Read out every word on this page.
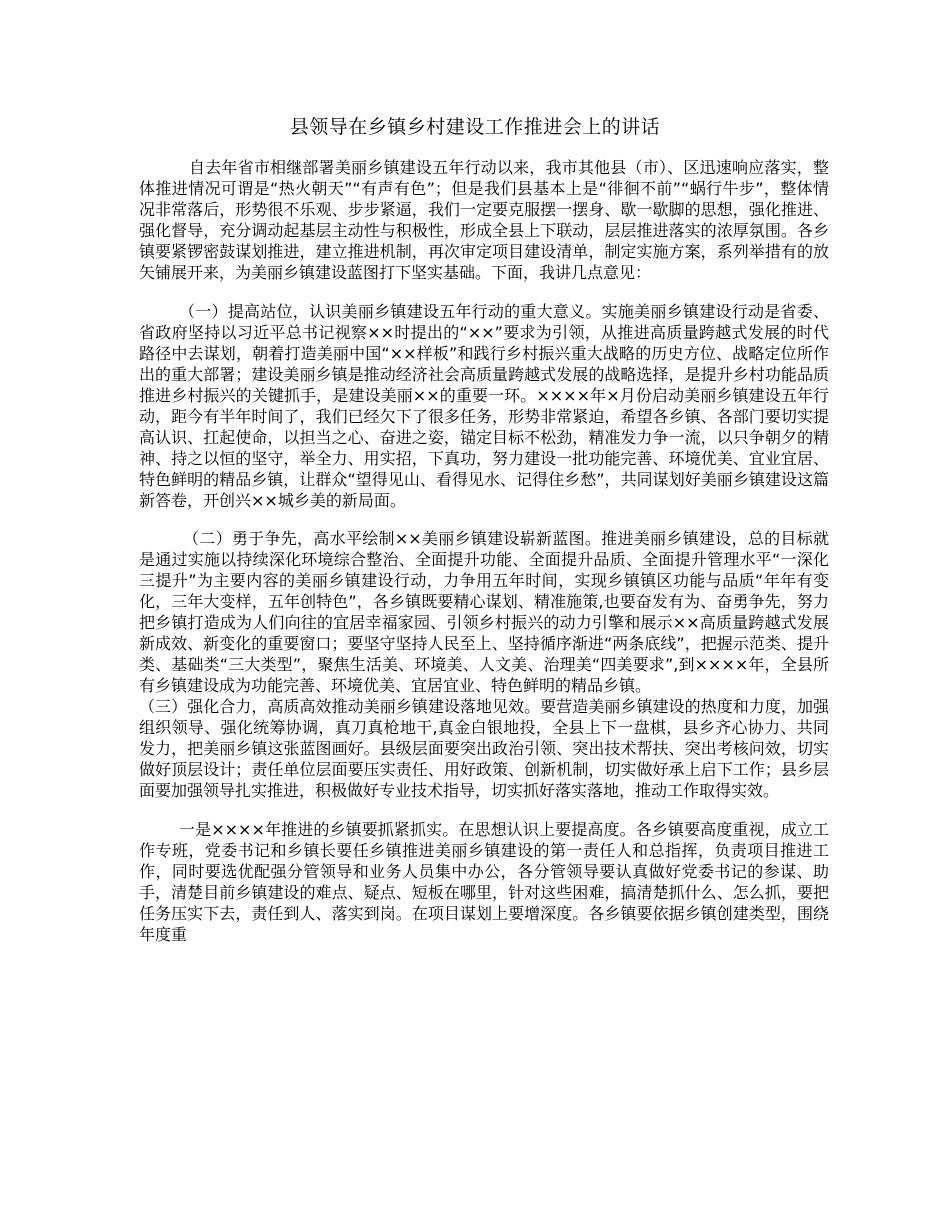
县领导在乡镇乡村建设工作推进会上的讲话

自去年省市相继部署美丽乡镇建设五年行动以来，我市其他县（市）、区迅速响应落实，整体推进情况可谓是“热火朝天”“有声有色”；但是我们县基本上是“徘徊不前”“蜗行牛步”，整体情况非常落后，形势很不乐观、步步紧逼，我们一定要克服摆一摆身、歇一歇脚的思想，强化推进、强化督导，充分调动起基层主动性与积极性，形成全县上下联动，层层推进落实的浓厚氛围。各乡镇要紧锣密鼓谋划推进，建立推进机制，再次审定项目建设清单，制定实施方案，系列举措有的放矢铺展开来，为美丽乡镇建设蓝图打下坚实基础。下面，我讲几点意见：

（一）提高站位，认识美丽乡镇建设五年行动的重大意义。实施美丽乡镇建设行动是省委、省政府坚持以习近平总书记视察××时提出的“××”要求为引领，从推进高质量跨越式发展的时代路径中去谋划，朝着打造美丽中国“××样板”和践行乡村振兴重大战略的历史方位、战略定位所作出的重大部署；建设美丽乡镇是推动经济社会高质量跨越式发展的战略选择，是提升乡村功能品质推进乡村振兴的关键抓手，是建设美丽××的重要一环。××××年×月份启动美丽乡镇建设五年行动，距今有半年时间了，我们已经欠下了很多任务，形势非常紧迫，希望各乡镇、各部门要切实提高认识、扛起使命，以担当之心、奋进之姿，锚定目标不松劲，精准发力争一流，以只争朝夕的精神、持之以恒的坚守，举全力、用实招，下真功，努力建设一批功能完善、环境优美、宜业宜居、特色鲜明的精品乡镇，让群众“望得见山、看得见水、记得住乡愁”，共同谋划好美丽乡镇建设这篇新答卷，开创兴××城乡美的新局面。

（二）勇于争先，高水平绘制××美丽乡镇建设崭新蓝图。推进美丽乡镇建设，总的目标就是通过实施以持续深化环境综合整治、全面提升功能、全面提升品质、全面提升管理水平“一深化三提升”为主要内容的美丽乡镇建设行动，力争用五年时间，实现乡镇镇区功能与品质“年年有变化，三年大变样，五年创特色”，各乡镇既要精心谋划、精准施策,也要奋发有为、奋勇争先，努力把乡镇打造成为人们向往的宜居幸福家园、引领乡村振兴的动力引擎和展示××高质量跨越式发展新成效、新变化的重要窗口；要坚守坚持人民至上、坚持循序渐进“两条底线”，把握示范类、提升类、基础类“三大类型”，聚焦生活美、环境美、人文美、治理美“四美要求”,到××××年，全县所有乡镇建设成为功能完善、环境优美、宜居宜业、特色鲜明的精品乡镇。

（三）强化合力，高质高效推动美丽乡镇建设落地见效。要营造美丽乡镇建设的热度和力度，加强组织领导、强化统筹协调，真刀真枪地干,真金白银地投，全县上下一盘棋，县乡齐心协力、共同发力，把美丽乡镇这张蓝图画好。县级层面要突出政治引领、突出技术帮扶、突出考核问效，切实做好顶层设计；责任单位层面要压实责任、用好政策、创新机制，切实做好承上启下工作；县乡层面要加强领导扎实推进，积极做好专业技术指导，切实抓好落实落地，推动工作取得实效。

一是××××年推进的乡镇要抓紧抓实。在思想认识上要提高度。各乡镇要高度重视，成立工作专班，党委书记和乡镇长要任乡镇推进美丽乡镇建设的第一责任人和总指挥，负责项目推进工作，同时要选优配强分管领导和业务人员集中办公，各分管领导要认真做好党委书记的参谋、助手，清楚目前乡镇建设的难点、疑点、短板在哪里，针对这些困难，搞清楚抓什么、怎么抓，要把任务压实下去，责任到人、落实到岗。在项目谋划上要增深度。各乡镇要依据乡镇创建类型，围绕年度重
